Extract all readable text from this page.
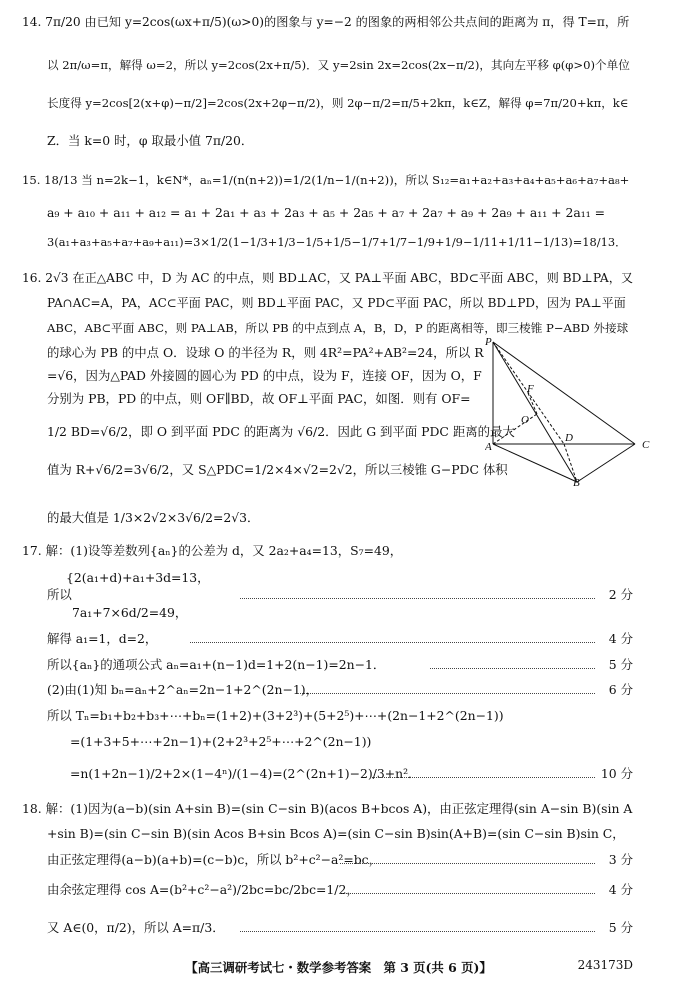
14. 7π/20 由已知 y=2cos(ωx+π/5)(ω>0)的图象与 y=−2 的图象的两相邻公共点间的距离为 π，得 T=π，所
以 2π/ω=π，解得 ω=2，所以 y=2cos(2x+π/5)．又 y=2sin 2x=2cos(2x−π/2)，其向左平移 φ(φ>0)个单位
长度得 y=2cos[2(x+φ)−π/2]=2cos(2x+2φ−π/2)，则 2φ−π/2=π/5+2kπ，k∈Z，解得 φ=7π/20+kπ，k∈
Z．当 k=0 时，φ 取最小值 7π/20．
15. 18/13 当 n=2k−1，k∈N*，aₙ=1/(n(n+2))=1/2(1/n−1/(n+2))，所以 S₁₂=a₁+a₂+a₃+a₄+a₅+a₆+a₇+a₈+
a₉ + a₁₀ + a₁₁ + a₁₂ = a₁ + 2a₁ + a₃ + 2a₃ + a₅ + 2a₅ + a₇ + 2a₇ + a₉ + 2a₉ + a₁₁ + 2a₁₁ =
3(a₁+a₃+a₅+a₇+a₉+a₁₁)=3×1/2(1−1/3+1/3−1/5+1/5−1/7+1/7−1/9+1/9−1/11+1/11−1/13)=18/13．
16. 2√3 在正△ABC 中，D 为 AC 的中点，则 BD⊥AC，又 PA⊥平面 ABC，BD⊂平面 ABC，则 BD⊥PA，又
PA∩AC=A，PA，AC⊂平面 PAC，则 BD⊥平面 PAC，又 PD⊂平面 PAC，所以 BD⊥PD，因为 PA⊥平面
ABC，AB⊂平面 ABC，则 PA⊥AB，所以 PB 的中点到点 A，B，D，P 的距离相等，即三棱锥 P−ABD 外接球
的球心为 PB 的中点 O．设球 O 的半径为 R，则 4R²=PA²+AB²=24，所以 R
=√6，因为△PAD 外接圆的圆心为 PD 的中点，设为 F，连接 OF，因为 O，F
分别为 PB，PD 的中点，则 OF∥BD，故 OF⊥平面 PAC，如图．则有 OF=
1/2 BD=√6/2，即 O 到平面 PDC 的距离为 √6/2．因此 G 到平面 PDC 距离的最大
值为 R+√6/2=3√6/2，又 S△PDC=1/2×4×√2=2√2，所以三棱锥 G−PDC 体积
的最大值是 1/3×2√2×3√6/2=2√3．
P
F
O
D
A
B
C
17. 解：(1)设等差数列{aₙ}的公差为 d，又 2a₂+a₄=13，S₇=49，
{2(a₁+d)+a₁+3d=13，
所以
7a₁+7×6d/2=49，
2 分
解得 a₁=1，d=2，	4 分
所以{aₙ}的通项公式 aₙ=a₁+(n−1)d=1+2(n−1)=2n−1．	5 分
(2)由(1)知 bₙ=aₙ+2^aₙ=2n−1+2^(2n−1)，	6 分
所以 Tₙ=b₁+b₂+b₃+⋯+bₙ=(1+2)+(3+2³)+(5+2⁵)+⋯+(2n−1+2^(2n−1))
=(1+3+5+⋯+2n−1)+(2+2³+2⁵+⋯+2^(2n−1))
=n(1+2n−1)/2+2×(1−4ⁿ)/(1−4)=(2^(2n+1)−2)/3+n²．	10 分
18. 解：(1)因为(a−b)(sin A+sin B)=(sin C−sin B)(acos B+bcos A)，由正弦定理得(sin A−sin B)(sin A
+sin B)=(sin C−sin B)(sin Acos B+sin Bcos A)=(sin C−sin B)sin(A+B)=(sin C−sin B)sin C，
由正弦定理得(a−b)(a+b)=(c−b)c，所以 b²+c²−a²=bc，	3 分
由余弦定理得 cos A=(b²+c²−a²)/2bc=bc/2bc=1/2，	4 分
又 A∈(0，π/2)，所以 A=π/3．	5 分
【高三调研考试七・数学参考答案　第 3 页(共 6 页)】	243173D
